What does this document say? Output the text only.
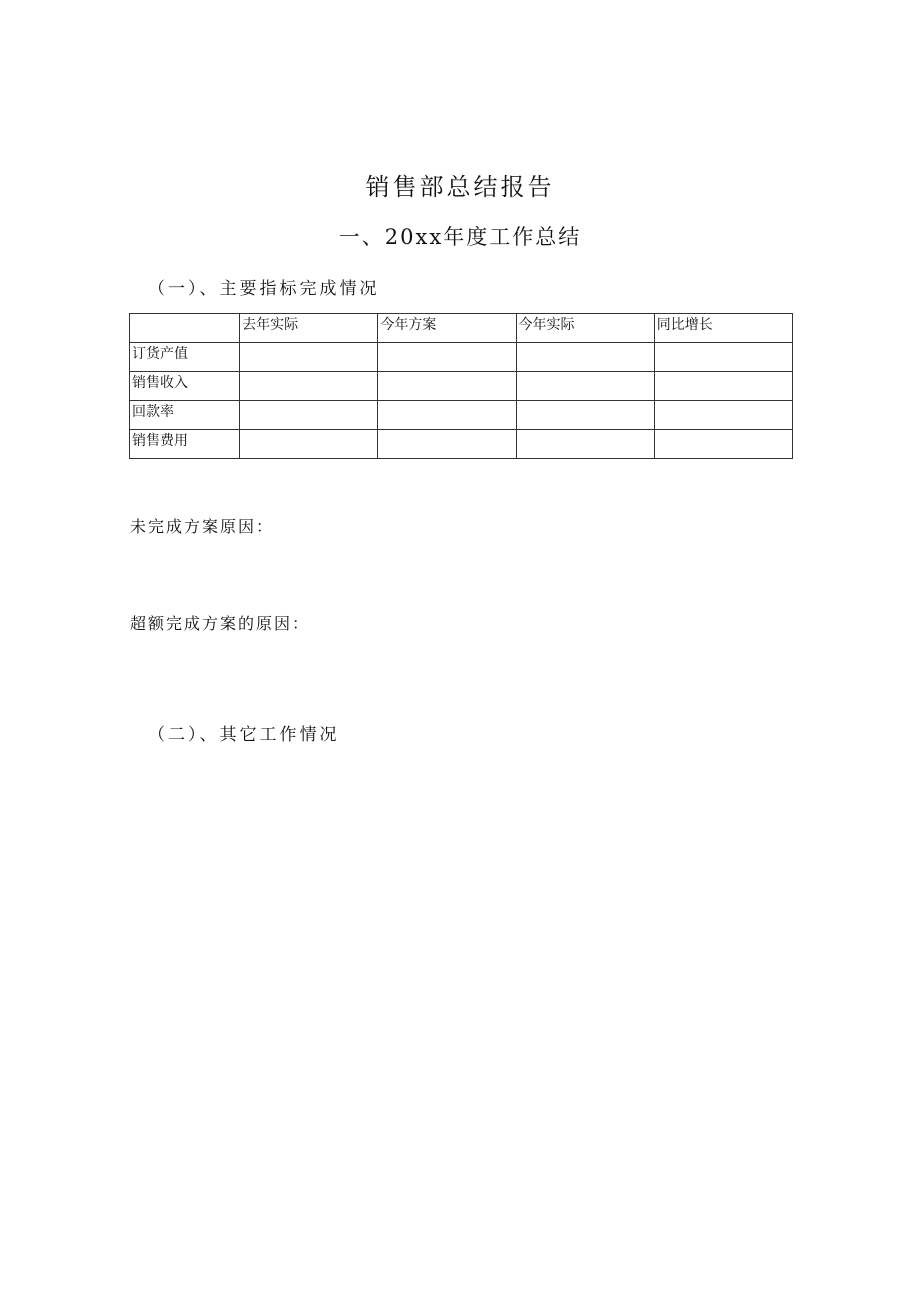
销售部总结报告
一、20xx年度工作总结
（一）、主要指标完成情况
	去年实际	今年方案	今年实际	同比增长
订货产值				
销售收入				
回款率				
销售费用				
未完成方案原因：
超额完成方案的原因：
（二）、其它工作情况
